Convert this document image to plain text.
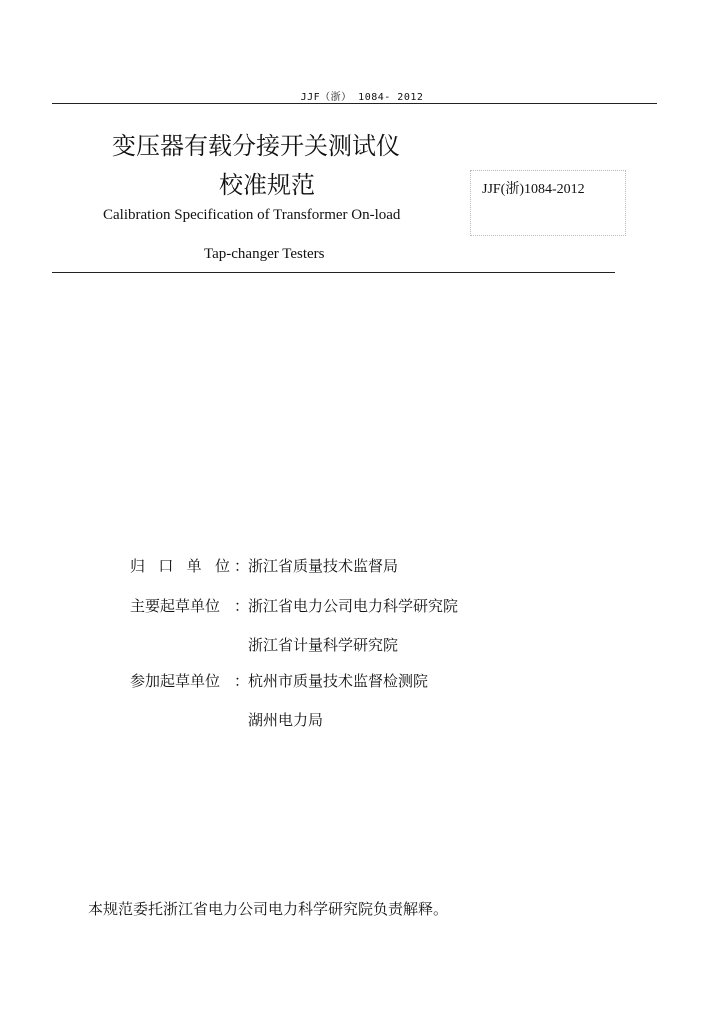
JJF（浙） 1084- 2012
变压器有载分接开关测试仪
校准规范	JJF(浙)1084-2012
Calibration Specification of Transformer On-load
Tap-changer Testers
归 口 单 位 ：
浙江省质量技术监督局
主要起草单位 ：
浙江省电力公司电力科学研究院
浙江省计量科学研究院
参加起草单位 ：
杭州市质量技术监督检测院
湖州电力局
本规范委托浙江省电力公司电力科学研究院负责解释。
